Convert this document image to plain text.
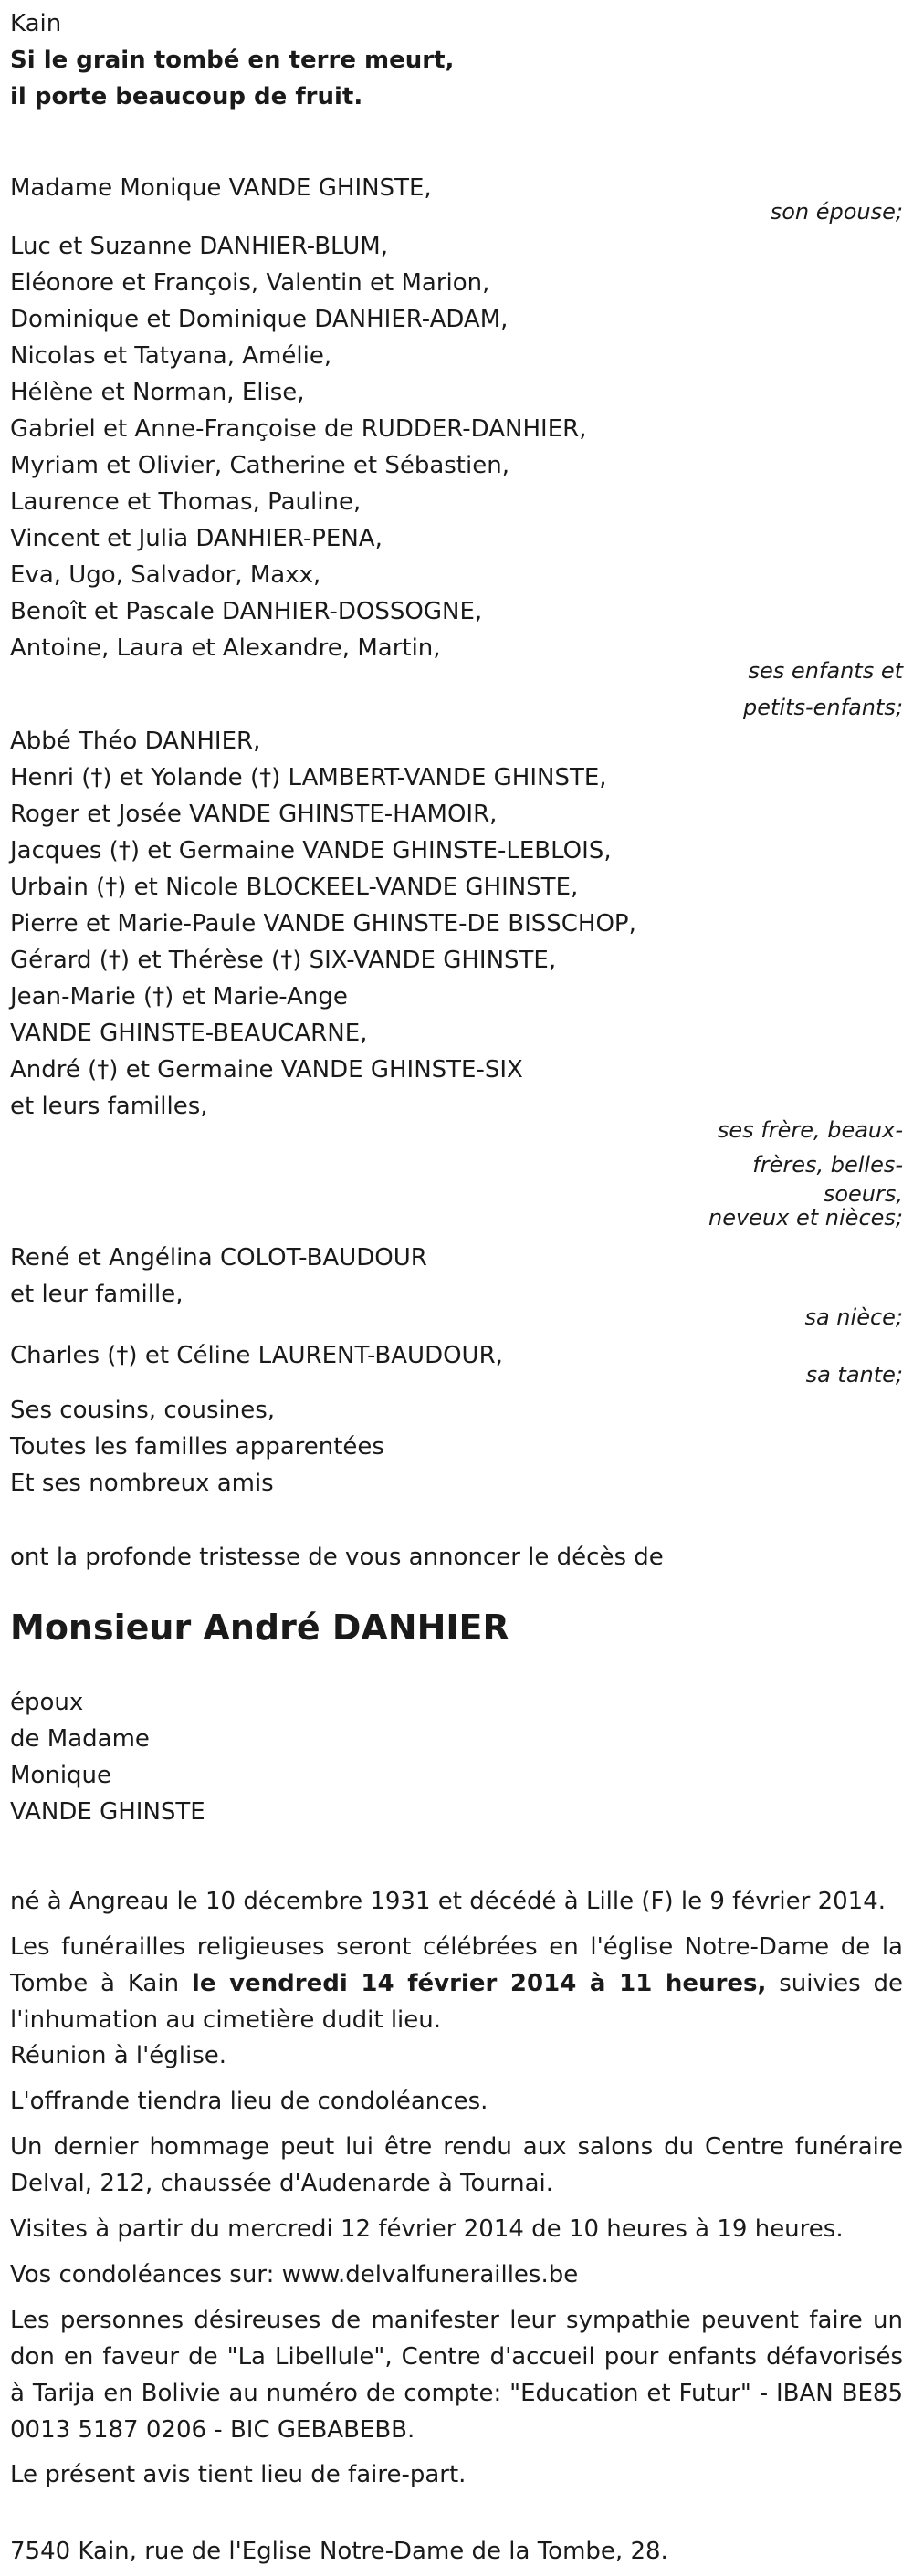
Kain
Si le grain tombé en terre meurt,
il porte beaucoup de fruit.
Madame Monique VANDE GHINSTE,
son épouse;
Luc et Suzanne DANHIER-BLUM,
Eléonore et François, Valentin et Marion,
Dominique et Dominique DANHIER-ADAM,
Nicolas et Tatyana, Amélie,
Hélène et Norman, Elise,
Gabriel et Anne-Françoise de RUDDER-DANHIER,
Myriam et Olivier, Catherine et Sébastien,
Laurence et Thomas, Pauline,
Vincent et Julia DANHIER-PENA,
Eva, Ugo, Salvador, Maxx,
Benoît et Pascale DANHIER-DOSSOGNE,
Antoine, Laura et Alexandre, Martin,
ses enfants et
petits-enfants;
Abbé Théo DANHIER,
Henri (†) et Yolande (†) LAMBERT-VANDE GHINSTE,
Roger et Josée VANDE GHINSTE-HAMOIR,
Jacques (†) et Germaine VANDE GHINSTE-LEBLOIS,
Urbain (†) et Nicole BLOCKEEL-VANDE GHINSTE,
Pierre et Marie-Paule VANDE GHINSTE-DE BISSCHOP,
Gérard (†) et Thérèse (†) SIX-VANDE GHINSTE,
Jean-Marie (†) et Marie-Ange
VANDE GHINSTE-BEAUCARNE,
André (†) et Germaine VANDE GHINSTE-SIX
et leurs familles,
ses frère, beaux-
frères, belles-
soeurs,
neveux et nièces;
René et Angélina COLOT-BAUDOUR
et leur famille,
sa nièce;
Charles (†) et Céline LAURENT-BAUDOUR,
sa tante;
Ses cousins, cousines,
Toutes les familles apparentées
Et ses nombreux amis
ont la profonde tristesse de vous annoncer le décès de
Monsieur André DANHIER
époux
de Madame
Monique
VANDE GHINSTE
né à Angreau le 10 décembre 1931 et décédé à Lille (F) le 9 février 2014.
Les funérailles religieuses seront célébrées en l'église Notre-Dame de la Tombe à Kain le vendredi 14 février 2014 à 11 heures, suivies de l'inhumation au cimetière dudit lieu.
Réunion à l'église.
L'offrande tiendra lieu de condoléances.
Un dernier hommage peut lui être rendu aux salons du Centre funéraire Delval, 212, chaussée d'Audenarde à Tournai.
Visites à partir du mercredi 12 février 2014 de 10 heures à 19 heures.
Vos condoléances sur: www.delvalfunerailles.be
Les personnes désireuses de manifester leur sympathie peuvent faire un don en faveur de "La Libellule", Centre d'accueil pour enfants défavorisés à Tarija en Bolivie au numéro de compte: "Education et Futur" - IBAN BE85 0013 5187 0206 - BIC GEBABEBB.
Le présent avis tient lieu de faire-part.
7540 Kain, rue de l'Eglise Notre-Dame de la Tombe, 28.
